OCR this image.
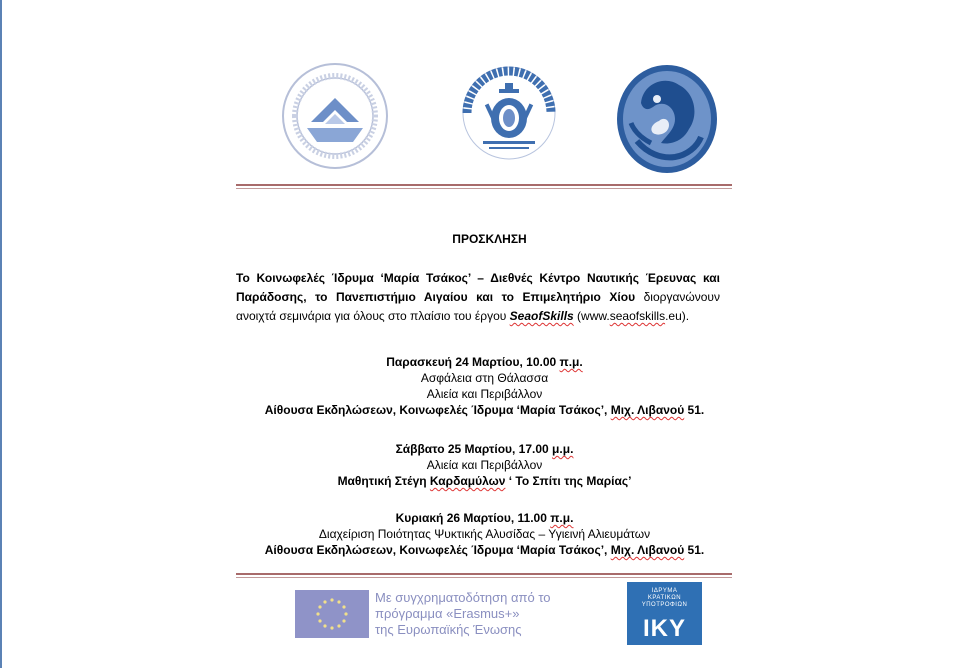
ΠΡΟΣΚΛΗΣΗ
Το Κοινωφελές Ίδρυμα ‘Μαρία Τσάκος’ – Διεθνές Κέντρο Ναυτικής Έρευνας και Παράδοσης, το Πανεπιστήμιο Αιγαίου και το Επιμελητήριο Χίου διοργανώνουν ανοιχτά σεμινάρια για όλους στο πλαίσιο του έργου SeaofSkills (www.seaofskills.eu).
Παρασκευή 24 Μαρτίου, 10.00 π.μ.
Ασφάλεια στη Θάλασσα
Αλιεία και Περιβάλλον
Αίθουσα Εκδηλώσεων, Κοινωφελές Ίδρυμα ‘Μαρία Τσάκος’, Μιχ. Λιβανού 51.
Σάββατο 25 Μαρτίου, 17.00 μ.μ.
Αλιεία και Περιβάλλον
Μαθητική Στέγη Καρδαμύλων ‘ Το Σπίτι της Μαρίας’
Κυριακή 26 Μαρτίου, 11.00 π.μ.
Διαχείριση Ποιότητας Ψυκτικής Αλυσίδας – Υγιεινή Αλιευμάτων
Αίθουσα Εκδηλώσεων, Κοινωφελές Ίδρυμα ‘Μαρία Τσάκος’, Μιχ. Λιβανού 51.
Με συγχρηματοδότηση από το
πρόγραμμα «Erasmus+»
της Ευρωπαϊκής Ένωσης
ΙΔΡΥΜΑ
ΚΡΑΤΙΚΩΝ
ΥΠΟΤΡΟΦΙΩΝ
ΙΚΥ
